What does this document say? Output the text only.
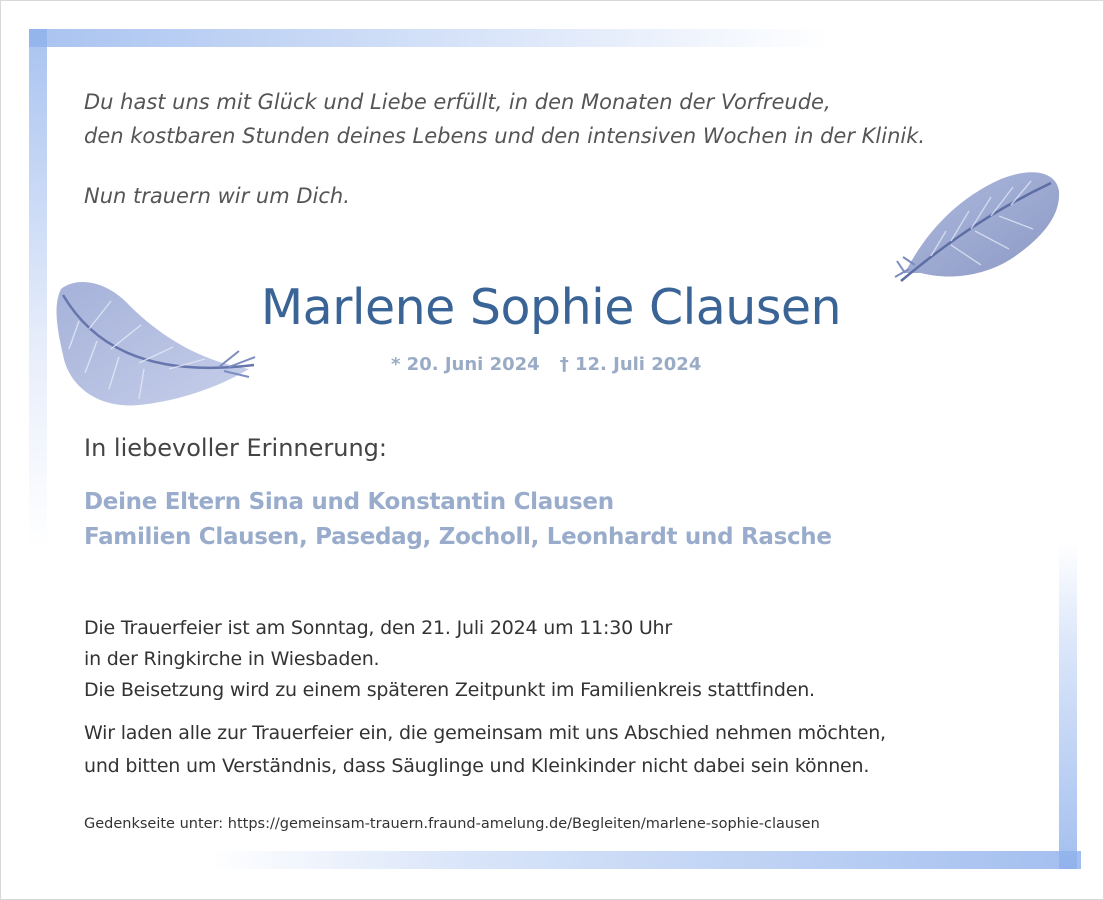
Du hast uns mit Glück und Liebe erfüllt, in den Monaten der Vorfreude,
den kostbaren Stunden deines Lebens und den intensiven Wochen in der Klinik.
Nun trauern wir um Dich.
Marlene Sophie Clausen
* 20. Juni 2024 † 12. Juli 2024
In liebevoller Erinnerung:
Deine Eltern Sina und Konstantin Clausen
Familien Clausen, Pasedag, Zocholl, Leonhardt und Rasche
Die Trauerfeier ist am Sonntag, den 21. Juli 2024 um 11:30 Uhr
in der Ringkirche in Wiesbaden.
Die Beisetzung wird zu einem späteren Zeitpunkt im Familienkreis stattfinden.
Wir laden alle zur Trauerfeier ein, die gemeinsam mit uns Abschied nehmen möchten,
und bitten um Verständnis, dass Säuglinge und Kleinkinder nicht dabei sein können.
Gedenkseite unter: https://gemeinsam-trauern.fraund-amelung.de/Begleiten/marlene-sophie-clausen
